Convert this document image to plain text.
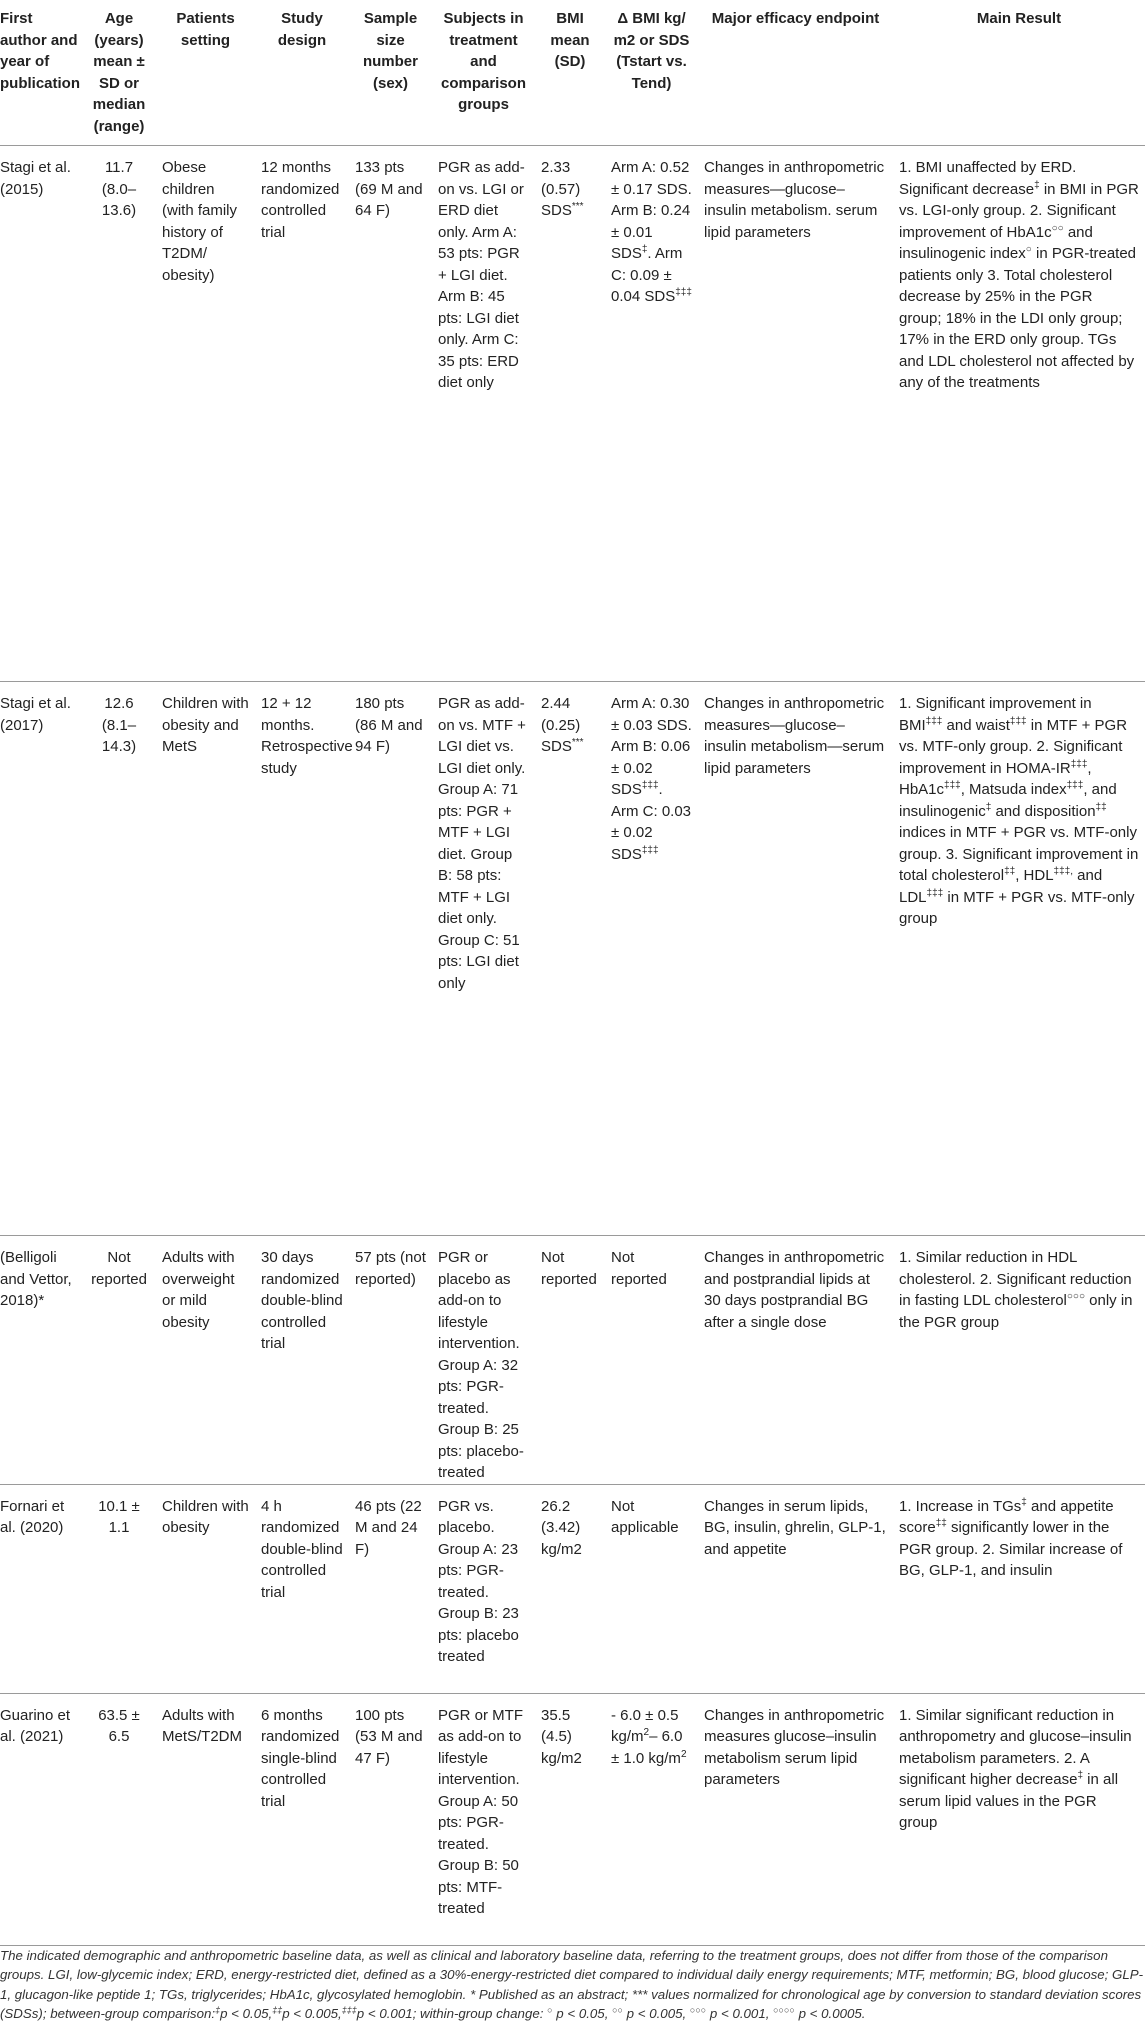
First author and year of publication	Age (years) mean ± SD or median (range)	Patients setting	Study design	Sample size number (sex)	Subjects in treatment and comparison groups	BMI mean (SD)	Δ BMI kg/ m2 or SDS (Tstart vs. Tend)	Major efficacy endpoint	Main Result
Stagi et al. (2015)	11.7 (8.0–13.6)	Obese children (with family history of T2DM/ obesity)	12 months randomized controlled trial	133 pts (69 M and 64 F)	PGR as add-on vs. LGI or ERD diet only. Arm A: 53 pts: PGR + LGI diet. Arm B: 45 pts: LGI diet only. Arm C: 35 pts: ERD diet only	2.33 (0.57) SDS***	Arm A: 0.52 ± 0.17 SDS. Arm B: 0.24 ± 0.01 SDS‡. Arm C: 0.09 ± 0.04 SDS‡‡‡	Changes in anthropometric measures—glucose–insulin metabolism. serum lipid parameters	1. BMI unaffected by ERD. Significant decrease‡ in BMI in PGR vs. LGI-only group. 2. Significant improvement of HbA1c○○ and insulinogenic index○ in PGR-treated patients only 3. Total cholesterol decrease by 25% in the PGR group; 18% in the LDI only group; 17% in the ERD only group. TGs and LDL cholesterol not affected by any of the treatments
Stagi et al. (2017)	12.6 (8.1–14.3)	Children with obesity and MetS	12 + 12 months. Retrospective study	180 pts (86 M and 94 F)	PGR as add-on vs. MTF + LGI diet vs. LGI diet only. Group A: 71 pts: PGR + MTF + LGI diet. Group B: 58 pts: MTF + LGI diet only. Group C: 51 pts: LGI diet only	2.44 (0.25) SDS***	Arm A: 0.30 ± 0.03 SDS. Arm B: 0.06 ± 0.02 SDS‡‡‡. Arm C: 0.03 ± 0.02 SDS‡‡‡	Changes in anthropometric measures—glucose–insulin metabolism—serum lipid parameters	1. Significant improvement in BMI‡‡‡ and waist‡‡‡ in MTF + PGR vs. MTF-only group. 2. Significant improvement in HOMA-IR‡‡‡, HbA1c‡‡‡, Matsuda index‡‡‡, and insulinogenic‡ and disposition‡‡ indices in MTF + PGR vs. MTF-only group. 3. Significant improvement in total cholesterol‡‡, HDL‡‡‡, and LDL‡‡‡ in MTF + PGR vs. MTF-only group
(Belligoli and Vettor, 2018)*	Not reported	Adults with overweight or mild obesity	30 days randomized double-blind controlled trial	57 pts (not reported)	PGR or placebo as add-on to lifestyle intervention. Group A: 32 pts: PGR-treated. Group B: 25 pts: placebo-treated	Not reported	Not reported	Changes in anthropometric and postprandial lipids at 30 days postprandial BG after a single dose	1. Similar reduction in HDL cholesterol. 2. Significant reduction in fasting LDL cholesterol○○○ only in the PGR group
Fornari et al. (2020)	10.1 ± 1.1	Children with obesity	4 h randomized double-blind controlled trial	46 pts (22 M and 24 F)	PGR vs. placebo. Group A: 23 pts: PGR-treated. Group B: 23 pts: placebo treated	26.2 (3.42) kg/m2	Not applicable	Changes in serum lipids, BG, insulin, ghrelin, GLP-1, and appetite	1. Increase in TGs‡ and appetite score‡‡ significantly lower in the PGR group. 2. Similar increase of BG, GLP-1, and insulin
Guarino et al. (2021)	63.5 ± 6.5	Adults with MetS/T2DM	6 months randomized single-blind controlled trial	100 pts (53 M and 47 F)	PGR or MTF as add-on to lifestyle intervention. Group A: 50 pts: PGR-treated. Group B: 50 pts: MTF-treated	35.5 (4.5) kg/m2	- 6.0 ± 0.5 $kg/m^2-$ 6.0 ± 1.0 $kg/m^2$	Changes in anthropometric measures glucose–insulin metabolism serum lipid parameters	1. Similar significant reduction in anthropometry and glucose–insulin metabolism parameters. 2. A significant higher decrease‡ in all serum lipid values in the PGR group

The indicated demographic and anthropometric baseline data, as well as clinical and laboratory baseline data, referring to the treatment groups, does not differ from those of the comparison groups. LGI, low-glycemic index; ERD, energy-restricted diet, defined as a 30%-energy-restricted diet compared to individual daily energy requirements; MTF, metformin; BG, blood glucose; GLP-1, glucagon-like peptide 1; TGs, triglycerides; HbA1c, glycosylated hemoglobin. * Published as an abstract; *** values normalized for chronological age by conversion to standard deviation scores (SDSs); between-group comparison:‡p < 0.05,‡‡p < 0.005,‡‡‡p < 0.001; within-group change: ○ p < 0.05, ○○ p < 0.005, ○○○ p < 0.001, ○○○○ p < 0.0005.
